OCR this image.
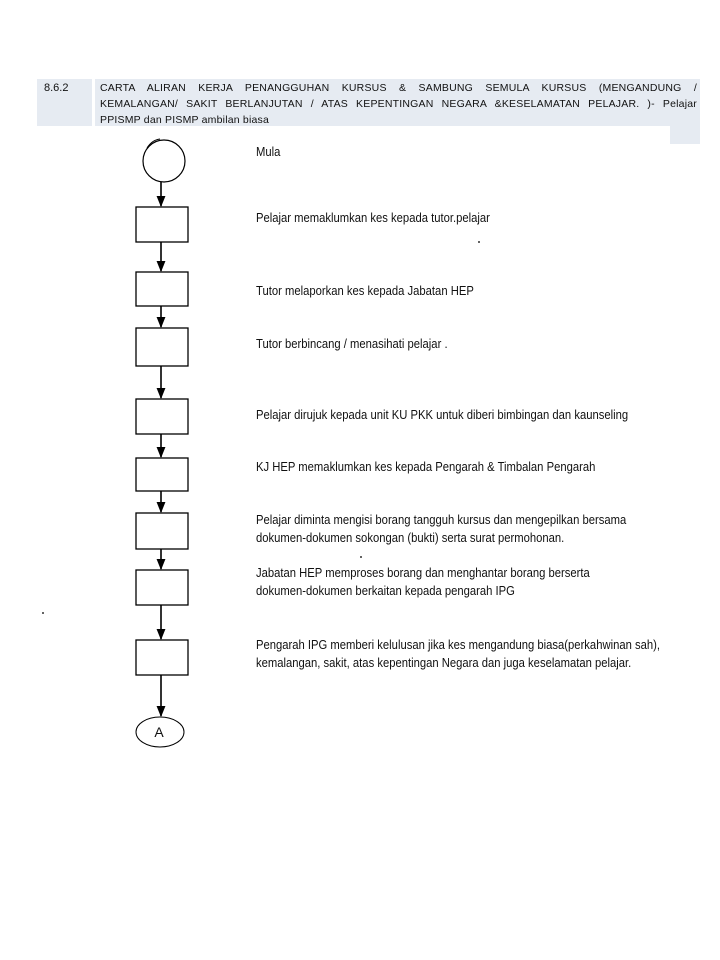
8.6.2	CARTA ALIRAN KERJA PENANGGUHAN KURSUS & SAMBUNG SEMULA KURSUS (MENGANDUNG /
KEMALANGAN/ SAKIT BERLANJUTAN / ATAS KEPENTINGAN NEGARA &KESELAMATAN PELAJAR. )- Pelajar
PPISMP dan PISMP ambilan biasa
A
Mula
Pelajar memaklumkan kes kepada tutor.pelajar
Tutor melaporkan kes kepada Jabatan HEP
Tutor berbincang / menasihati pelajar .
Pelajar dirujuk kepada unit KU PKK untuk diberi bimbingan dan kaunseling
KJ HEP memaklumkan kes kepada Pengarah & Timbalan Pengarah
Pelajar diminta mengisi borang tangguh kursus dan mengepilkan bersama
dokumen-dokumen sokongan (bukti) serta surat permohonan.
Jabatan HEP memproses borang dan menghantar borang berserta
dokumen-dokumen berkaitan kepada pengarah IPG
Pengarah IPG memberi kelulusan jika kes mengandung biasa(perkahwinan sah),
kemalangan, sakit, atas kepentingan Negara dan juga keselamatan pelajar.
